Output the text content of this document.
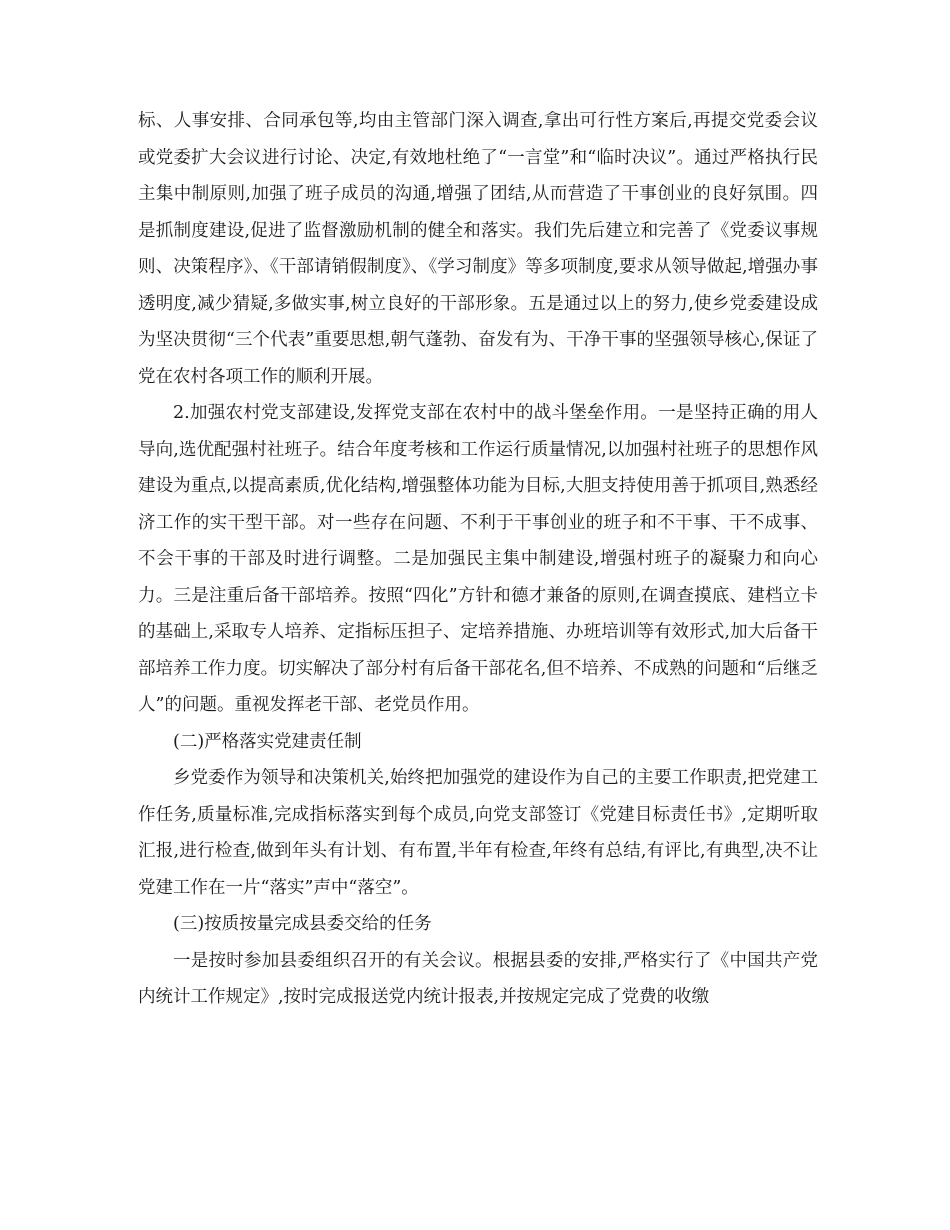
标、人事安排、合同承包等,均由主管部门深入调查,拿出可行性方案后,再提交党委会议或党委扩大会议进行讨论、决定,有效地杜绝了“一言堂”和“临时决议”。通过严格执行民主集中制原则,加强了班子成员的沟通,增强了团结,从而营造了干事创业的良好氛围。四是抓制度建设,促进了监督激励机制的健全和落实。我们先后建立和完善了《党委议事规则、决策程序》、《干部请销假制度》、《学习制度》等多项制度,要求从领导做起,增强办事透明度,减少猜疑,多做实事,树立良好的干部形象。五是通过以上的努力,使乡党委建设成为坚决贯彻“三个代表”重要思想,朝气蓬勃、奋发有为、干净干事的坚强领导核心,保证了党在农村各项工作的顺利开展。

2.加强农村党支部建设,发挥党支部在农村中的战斗堡垒作用。一是坚持正确的用人导向,选优配强村社班子。结合年度考核和工作运行质量情况,以加强村社班子的思想作风建设为重点,以提高素质,优化结构,增强整体功能为目标,大胆支持使用善于抓项目,熟悉经济工作的实干型干部。对一些存在问题、不利于干事创业的班子和不干事、干不成事、不会干事的干部及时进行调整。二是加强民主集中制建设,增强村班子的凝聚力和向心力。三是注重后备干部培养。按照“四化”方针和德才兼备的原则,在调查摸底、建档立卡的基础上,采取专人培养、定指标压担子、定培养措施、办班培训等有效形式,加大后备干部培养工作力度。切实解决了部分村有后备干部花名,但不培养、不成熟的问题和“后继乏人”的问题。重视发挥老干部、老党员作用。

(二)严格落实党建责任制

乡党委作为领导和决策机关,始终把加强党的建设作为自己的主要工作职责,把党建工作任务,质量标准,完成指标落实到每个成员,向党支部签订《党建目标责任书》,定期听取汇报,进行检查,做到年头有计划、有布置,半年有检查,年终有总结,有评比,有典型,决不让党建工作在一片“落实”声中“落空”。

(三)按质按量完成县委交给的任务

一是按时参加县委组织召开的有关会议。根据县委的安排,严格实行了《中国共产党内统计工作规定》,按时完成报送党内统计报表,并按规定完成了党费的收缴
